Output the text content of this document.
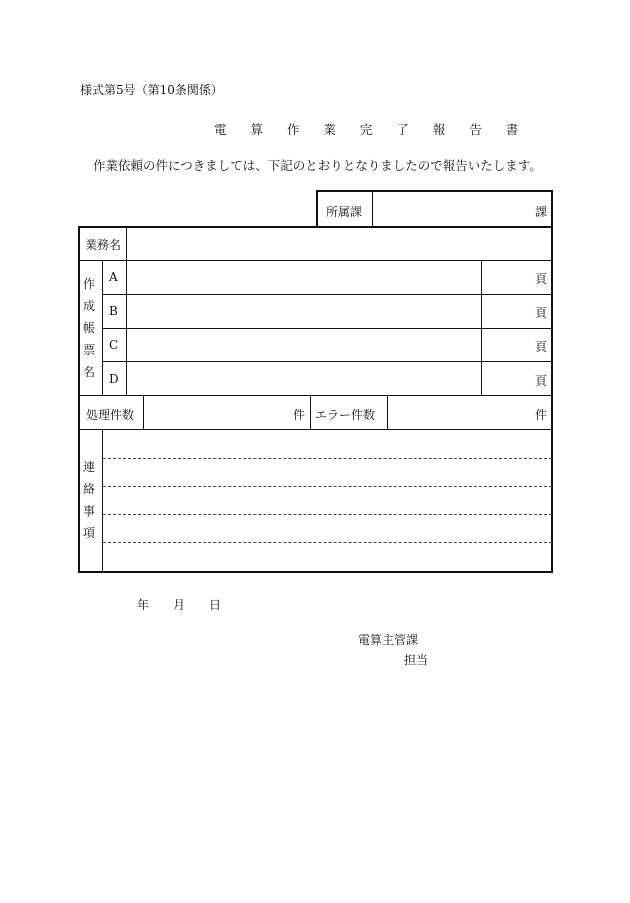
様式第5号（第10条関係）
電 算 作 業 完 了 報 告 書
作業依頼の件につきましては、下記のとおりとなりましたので報告いたします。
所属課	課
業務名
作
成
帳
票
名
A	頁
B	頁
C	頁
D	頁
処理件数	件 エラー件数	件
連
絡
事
項
年 月 日
電算主管課
担当
